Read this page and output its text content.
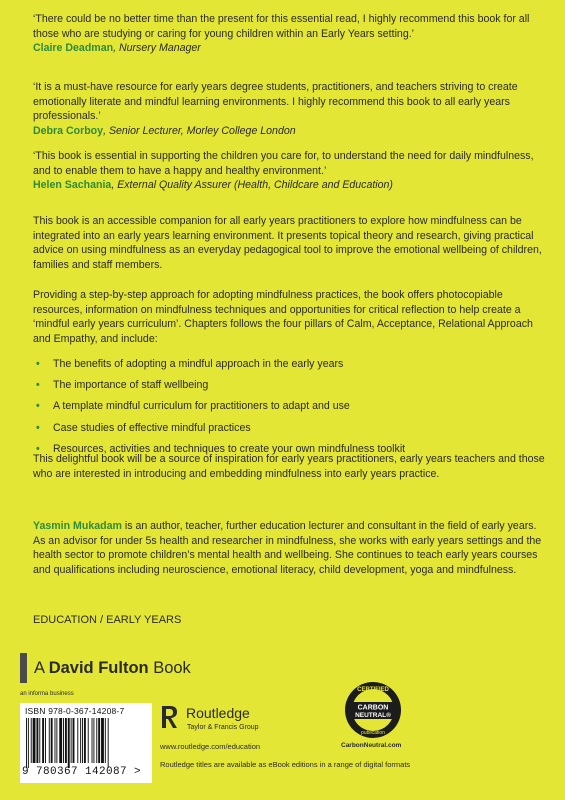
‘There could be no better time than the present for this essential read, I highly recommend this book for all those who are studying or caring for young children within an Early Years setting.’
Claire Deadman, Nursery Manager
‘It is a must-have resource for early years degree students, practitioners, and teachers striving to create emotionally literate and mindful learning environments. I highly recommend this book to all early years professionals.’
Debra Corboy, Senior Lecturer, Morley College London
‘This book is essential in supporting the children you care for, to understand the need for daily mindfulness, and to enable them to have a happy and healthy environment.’
Helen Sachania, External Quality Assurer (Health, Childcare and Education)
This book is an accessible companion for all early years practitioners to explore how mindfulness can be integrated into an early years learning environment. It presents topical theory and research, giving practical advice on using mindfulness as an everyday pedagogical tool to improve the emotional wellbeing of children, families and staff members.
Providing a step-by-step approach for adopting mindfulness practices, the book offers photocopiable resources, information on mindfulness techniques and opportunities for critical reflection to help create a ‘mindful early years curriculum’. Chapters follows the four pillars of Calm, Acceptance, Relational Approach and Empathy, and include:
• The benefits of adopting a mindful approach in the early years
• The importance of staff wellbeing
• A template mindful curriculum for practitioners to adapt and use
• Case studies of effective mindful practices
• Resources, activities and techniques to create your own mindfulness toolkit
This delightful book will be a source of inspiration for early years practitioners, early years teachers and those who are interested in introducing and embedding mindfulness into early years practice.
Yasmin Mukadam is an author, teacher, further education lecturer and consultant in the field of early years. As an advisor for under 5s health and researcher in mindfulness, she works with early years settings and the health sector to promote children’s mental health and wellbeing. She continues to teach early years courses and qualifications including neuroscience, emotional literacy, child development, yoga and mindfulness.
EDUCATION / EARLY YEARS
A David Fulton Book
an informa business
ISBN 978-0-367-14208-7
9 780367 142087 >
Routledge
Taylor & Francis Group
www.routledge.com/education
CERTIFIED
CARBON
NEUTRAL®
publication
CarbonNeutral.com
Routledge titles are available as eBook editions in a range of digital formats
